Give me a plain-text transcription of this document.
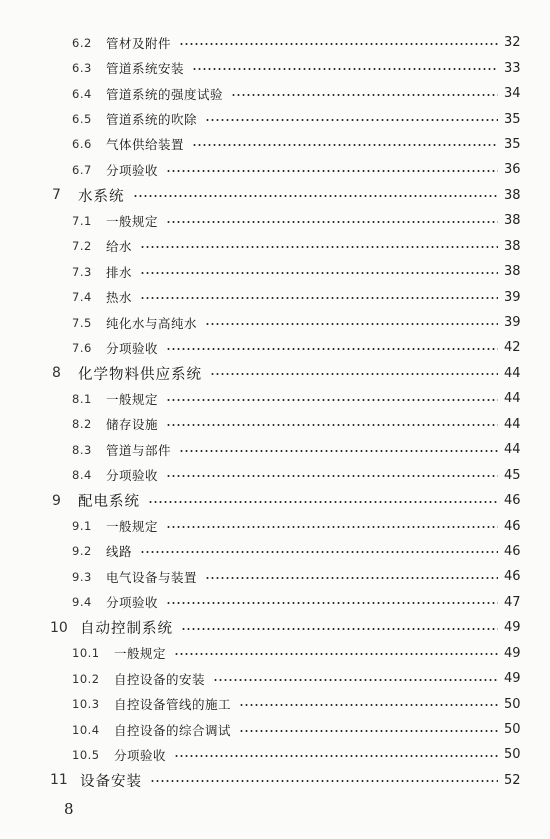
6.2	管材及附件	32
6.3	管道系统安装	33
6.4	管道系统的强度试验	34
6.5	管道系统的吹除	35
6.6	气体供给装置	35
6.7	分项验收	36
7	水系统	38
7.1	一般规定	38
7.2	给水	38
7.3	排水	38
7.4	热水	39
7.5	纯化水与高纯水	39
7.6	分项验收	42
8	化学物料供应系统	44
8.1	一般规定	44
8.2	储存设施	44
8.3	管道与部件	44
8.4	分项验收	45
9	配电系统	46
9.1	一般规定	46
9.2	线路	46
9.3	电气设备与装置	46
9.4	分项验收	47
10 自动控制系统	49
10.1	一般规定	49
10.2	自控设备的安装	49
10.3	自控设备管线的施工	50
10.4	自控设备的综合调试	50
10.5	分项验收	50
11 设备安装	52
8
